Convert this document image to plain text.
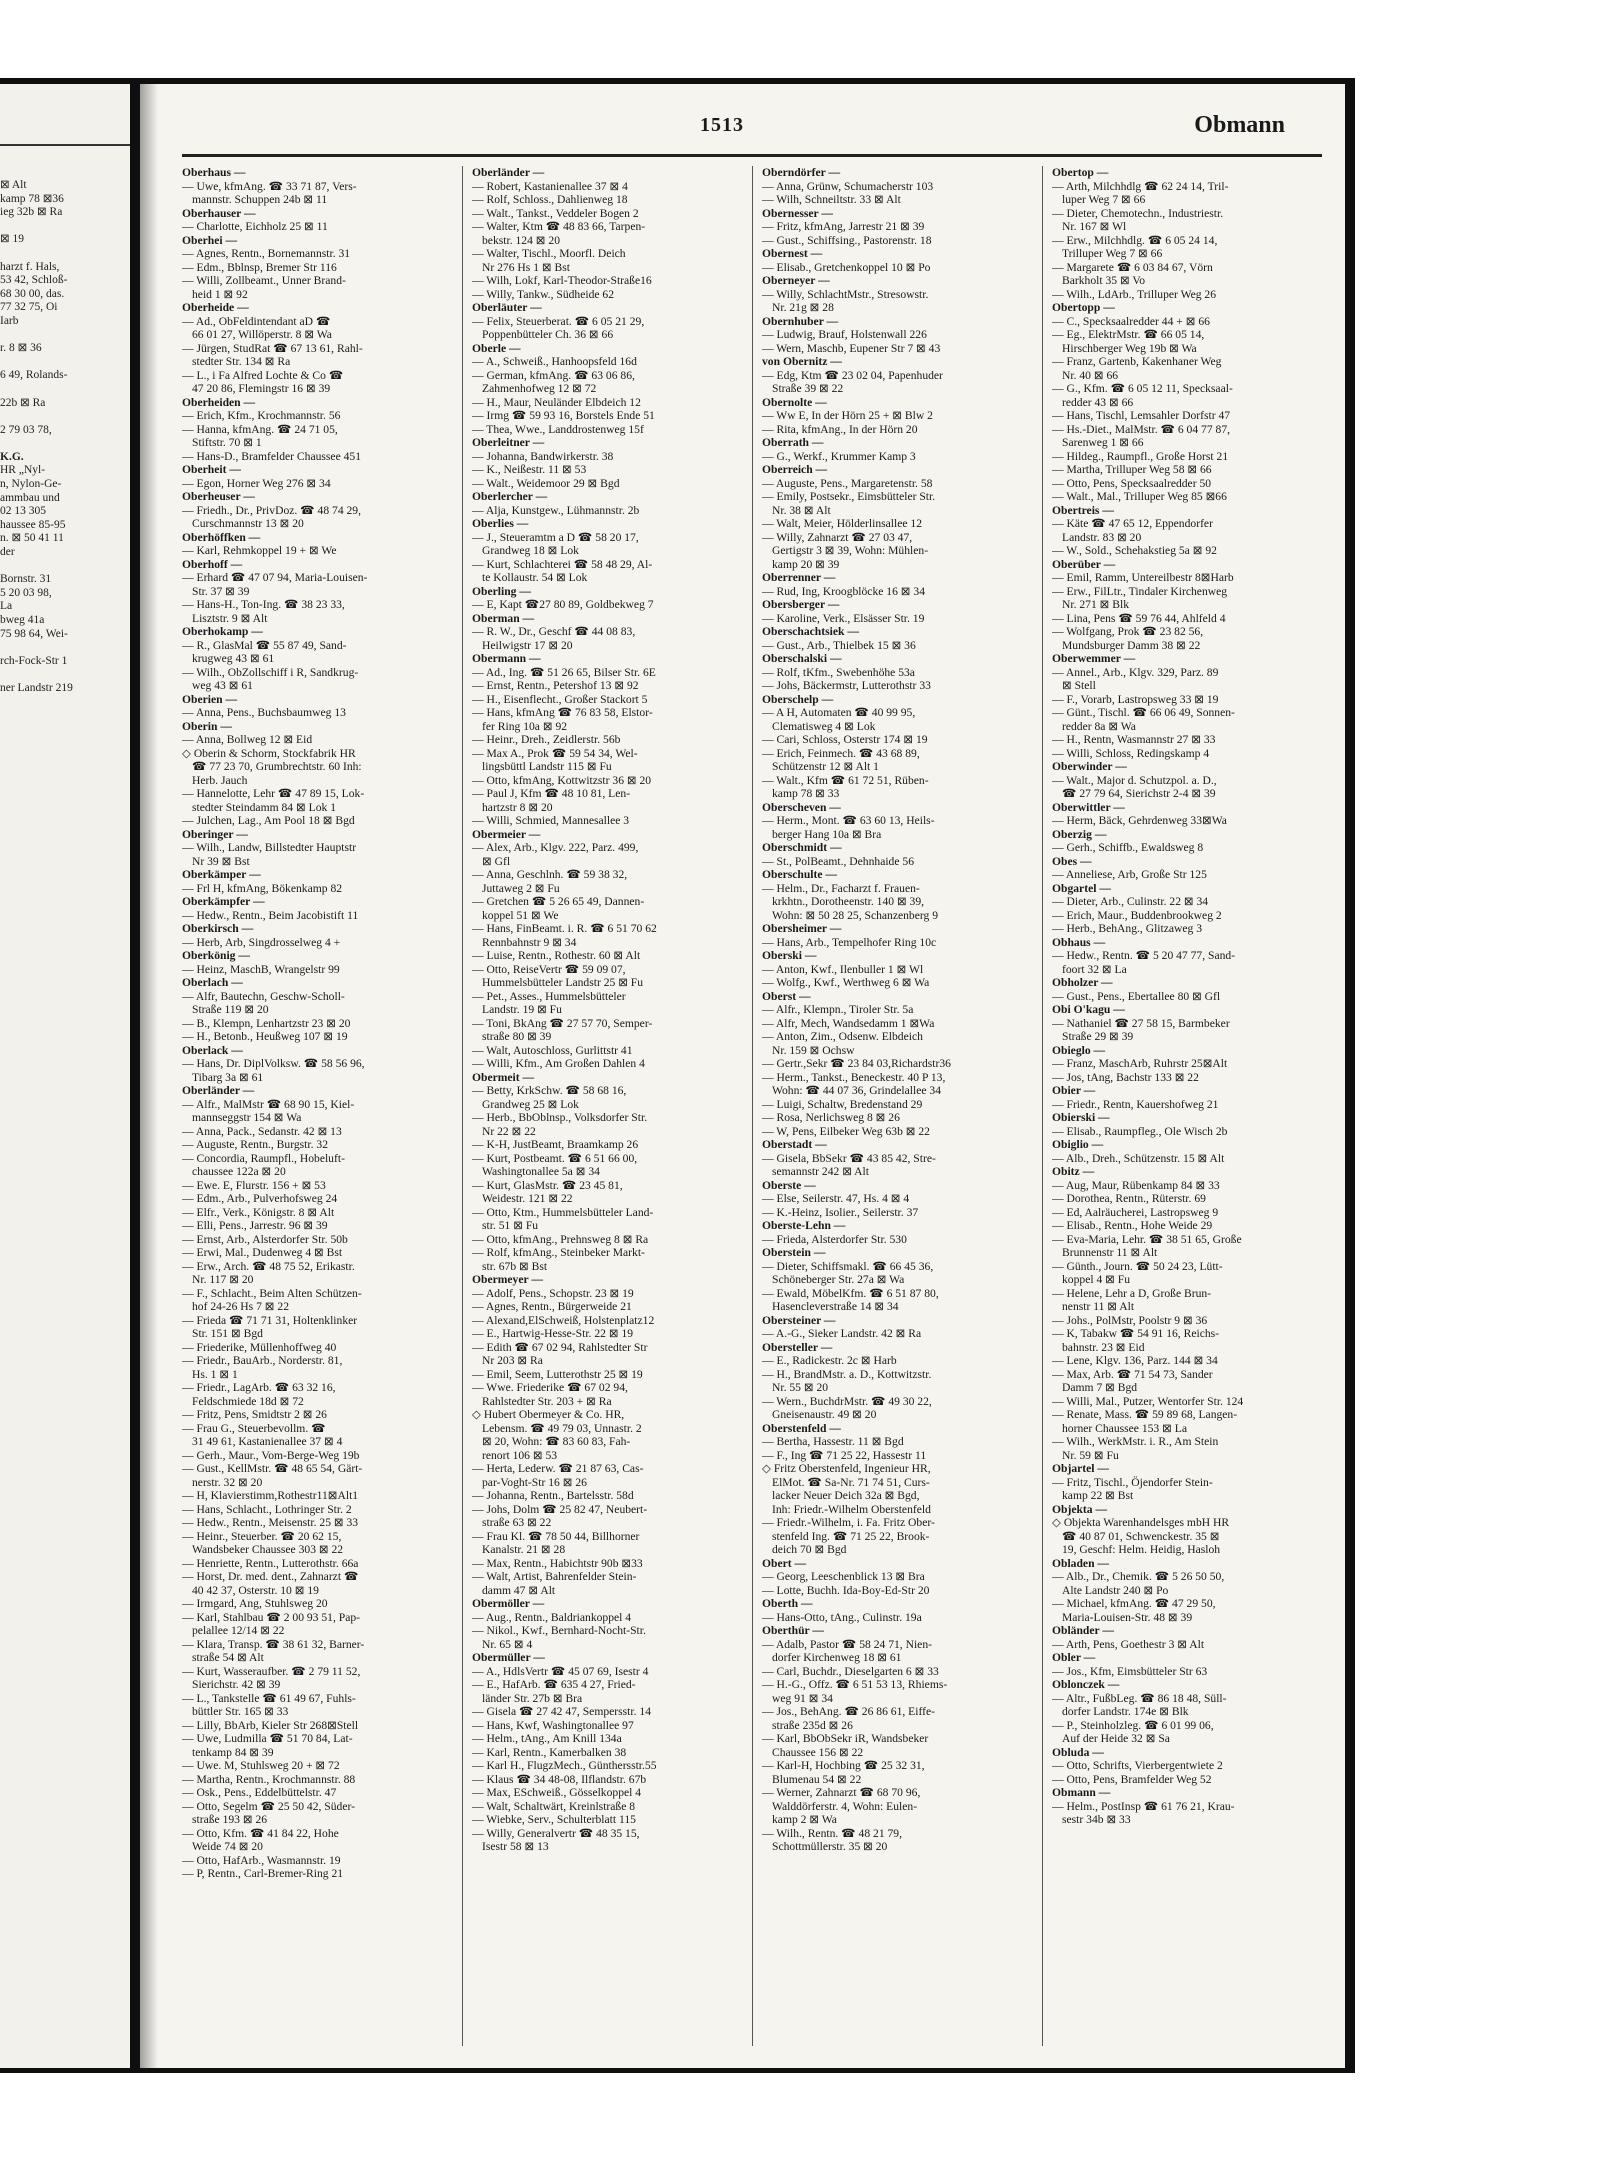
⊠ Alt
kamp 78 ⊠36
ieg 32b ⊠ Ra

⊠ 19

harzt f. Hals,
53 42, Schloß-
68 30 00, das.
77 32 75, Oi
Iarb

r. 8 ⊠ 36

6 49, Rolands-

22b ⊠ Ra

2 79 03 78,

K.G.
HR „Nyl-
n, Nylon-Ge-
ammbau und
02 13 305
haussee 85-95
n. ⊠ 50 41 11
der

Bornstr. 31
5 20 03 98,
La
bweg 41a
75 98 64, Wei-

rch-Fock-Str 1

ner Landstr 219
1513	Obmann

Oberhaus —

— Uwe, kfmAng. ☎ 33 71 87, Vers-

mannstr. Schuppen 24b ⊠ 11

Oberhauser —

— Charlotte, Eichholz 25 ⊠ 11

Oberhei —

— Agnes, Rentn., Bornemannstr. 31

— Edm., Bblnsp, Bremer Str 116

— Willi, Zollbeamt., Unner Brand-

heid 1 ⊠ 92

Oberheide —

— Ad., ObFeldintendant aD ☎

66 01 27, Willöperstr. 8 ⊠ Wa

— Jürgen, StudRat ☎ 67 13 61, Rahl-

stedter Str. 134 ⊠ Ra

— L., i Fa Alfred Lochte & Co ☎

47 20 86, Flemingstr 16 ⊠ 39

Oberheiden —

— Erich, Kfm., Krochmannstr. 56

— Hanna, kfmAng. ☎ 24 71 05,

Stiftstr. 70 ⊠ 1

— Hans-D., Bramfelder Chaussee 451

Oberheit —

— Egon, Horner Weg 276 ⊠ 34

Oberheuser —

— Friedh., Dr., PrivDoz. ☎ 48 74 29,

Curschmannstr 13 ⊠ 20

Oberhöffken —

— Karl, Rehmkoppel 19 + ⊠ We

Oberhoff —

— Erhard ☎ 47 07 94, Maria-Louisen-

Str. 37 ⊠ 39

— Hans-H., Ton-Ing. ☎ 38 23 33,

Lisztstr. 9 ⊠ Alt

Oberhokamp —

— R., GlasMal ☎ 55 87 49, Sand-

krugweg 43 ⊠ 61

— Wilh., ObZollschiff i R, Sandkrug-

weg 43 ⊠ 61

Oberien —

— Anna, Pens., Buchsbaumweg 13

Oberin —

— Anna, Bollweg 12 ⊠ Eid

◇ Oberin & Schorm, Stockfabrik HR

☎ 77 23 70, Grumbrechtstr. 60 Inh:

Herb. Jauch

— Hannelotte, Lehr ☎ 47 89 15, Lok-

stedter Steindamm 84 ⊠ Lok 1

— Julchen, Lag., Am Pool 18 ⊠ Bgd

Oberinger —

— Wilh., Landw, Billstedter Hauptstr

Nr 39 ⊠ Bst

Oberkämper —

— Frl H, kfmAng, Bökenkamp 82

Oberkämpfer —

— Hedw., Rentn., Beim Jacobistift 11

Oberkirsch —

— Herb, Arb, Singdrosselweg 4 +

Oberkönig —

— Heinz, MaschB, Wrangelstr 99

Oberlach —

— Alfr, Bautechn, Geschw-Scholl-

Straße 119 ⊠ 20

— B., Klempn, Lenhartzstr 23 ⊠ 20

— H., Betonb., Heußweg 107 ⊠ 19

Oberlack —

— Hans, Dr. DiplVolksw. ☎ 58 56 96,

Tibarg 3a ⊠ 61

Oberländer —

— Alfr., MalMstr ☎ 68 90 15, Kiel-

mannseggstr 154 ⊠ Wa

— Anna, Pack., Sedanstr. 42 ⊠ 13

— Auguste, Rentn., Burgstr. 32

— Concordia, Raumpfl., Hobeluft-

chaussee 122a ⊠ 20

— Ewe. E, Flurstr. 156 + ⊠ 53

— Edm., Arb., Pulverhofsweg 24

— Elfr., Verk., Königstr. 8 ⊠ Alt

— Elli, Pens., Jarrestr. 96 ⊠ 39

— Ernst, Arb., Alsterdorfer Str. 50b

— Erwi, Mal., Dudenweg 4 ⊠ Bst

— Erw., Arch. ☎ 48 75 52, Erikastr.

Nr. 117 ⊠ 20

— F., Schlacht., Beim Alten Schützen-

hof 24-26 Hs 7 ⊠ 22

— Frieda ☎ 71 71 31, Holtenklinker

Str. 151 ⊠ Bgd

— Friederike, Müllenhoffweg 40

— Friedr., BauArb., Norderstr. 81,

Hs. 1 ⊠ 1

— Friedr., LagArb. ☎ 63 32 16,

Feldschmiede 18d ⊠ 72

— Fritz, Pens, Smidtstr 2 ⊠ 26

— Frau G., Steuerbevollm. ☎

31 49 61, Kastanienallee 37 ⊠ 4

— Gerh., Maur., Vom-Berge-Weg 19b

— Gust., KellMstr. ☎ 48 65 54, Gärt-

nerstr. 32 ⊠ 20

— H, Klavierstimm,Rothestr11⊠Alt1

— Hans, Schlacht., Lothringer Str. 2

— Hedw., Rentn., Meisenstr. 25 ⊠ 33

— Heinr., Steuerber. ☎ 20 62 15,

Wandsbeker Chaussee 303 ⊠ 22

— Henriette, Rentn., Lutterothstr. 66a

— Horst, Dr. med. dent., Zahnarzt ☎

40 42 37, Osterstr. 10 ⊠ 19

— Irmgard, Ang, Stuhlsweg 20

— Karl, Stahlbau ☎ 2 00 93 51, Pap-

pelallee 12/14 ⊠ 22

— Klara, Transp. ☎ 38 61 32, Barner-

straße 54 ⊠ Alt

— Kurt, Wasseraufber. ☎ 2 79 11 52,

Sierichstr. 42 ⊠ 39

— L., Tankstelle ☎ 61 49 67, Fuhls-

büttler Str. 165 ⊠ 33

— Lilly, BbArb, Kieler Str 268⊠Stell

— Uwe, Ludmilla ☎ 51 70 84, Lat-

tenkamp 84 ⊠ 39

— Uwe. M, Stuhlsweg 20 + ⊠ 72

— Martha, Rentn., Krochmannstr. 88

— Osk., Pens., Eddelbüttelstr. 47

— Otto, Segelm ☎ 25 50 42, Süder-

straße 193 ⊠ 26

— Otto, Kfm. ☎ 41 84 22, Hohe

Weide 74 ⊠ 20

— Otto, HafArb., Wasmannstr. 19

— P, Rentn., Carl-Bremer-Ring 21

Oberländer —

— Robert, Kastanienallee 37 ⊠ 4

— Rolf, Schloss., Dahlienweg 18

— Walt., Tankst., Veddeler Bogen 2

— Walter, Ktm ☎ 48 83 66, Tarpen-

bekstr. 124 ⊠ 20

— Walter, Tischl., Moorfl. Deich

Nr 276 Hs 1 ⊠ Bst

— Wilh, Lokf, Karl-Theodor-Straße16

— Willy, Tankw., Südheide 62

Oberläuter —

— Felix, Steuerberat. ☎ 6 05 21 29,

Poppenbütteler Ch. 36 ⊠ 66

Oberle —

— A., Schweiß., Hanhoopsfeld 16d

— German, kfmAng. ☎ 63 06 86,

Zahmenhofweg 12 ⊠ 72

— H., Maur, Neuländer Elbdeich 12

— Irmg ☎ 59 93 16, Borstels Ende 51

— Thea, Wwe., Landdrostenweg 15f

Oberleitner —

— Johanna, Bandwirkerstr. 38

— K., Neißestr. 11 ⊠ 53

— Walt., Weidemoor 29 ⊠ Bgd

Oberlercher —

— Alja, Kunstgew., Lühmannstr. 2b

Oberlies —

— J., Steueramtm a D ☎ 58 20 17,

Grandweg 18 ⊠ Lok

— Kurt, Schlachterei ☎ 58 48 29, Al-

te Kollaustr. 54 ⊠ Lok

Oberling —

— E, Kapt ☎27 80 89, Goldbekweg 7

Oberman —

— R. W., Dr., Geschf ☎ 44 08 83,

Heilwigstr 17 ⊠ 20

Obermann —

— Ad., Ing. ☎ 51 26 65, Bilser Str. 6E

— Ernst, Rentn., Petershof 13 ⊠ 92

— H., Eisenflecht., Großer Stackort 5

— Hans, kfmAng ☎ 76 83 58, Elstor-

fer Ring 10a ⊠ 92

— Heinr., Dreh., Zeidlerstr. 56b

— Max A., Prok ☎ 59 54 34, Wel-

lingsbüttl Landstr 115 ⊠ Fu

— Otto, kfmAng, Kottwitzstr 36 ⊠ 20

— Paul J, Kfm ☎ 48 10 81, Len-

hartzstr 8 ⊠ 20

— Willi, Schmied, Mannesallee 3

Obermeier —

— Alex, Arb., Klgv. 222, Parz. 499,

⊠ Gfl

— Anna, Geschlnh. ☎ 59 38 32,

Juttaweg 2 ⊠ Fu

— Gretchen ☎ 5 26 65 49, Dannen-

koppel 51 ⊠ We

— Hans, FinBeamt. i. R. ☎ 6 51 70 62

Rennbahnstr 9 ⊠ 34

— Luise, Rentn., Rothestr. 60 ⊠ Alt

— Otto, ReiseVertr ☎ 59 09 07,

Hummelsbütteler Landstr 25 ⊠ Fu

— Pet., Asses., Hummelsbütteler

Landstr. 19 ⊠ Fu

— Toni, BkAng ☎ 27 57 70, Semper-

straße 80 ⊠ 39

— Walt, Autoschloss, Gurlittstr 41

— Willi, Kfm., Am Großen Dahlen 4

Obermeit —

— Betty, KrkSchw. ☎ 58 68 16,

Grandweg 25 ⊠ Lok

— Herb., BbOblnsp., Volksdorfer Str.

Nr 22 ⊠ 22

— K-H, JustBeamt, Braamkamp 26

— Kurt, Postbeamt. ☎ 6 51 66 00,

Washingtonallee 5a ⊠ 34

— Kurt, GlasMstr. ☎ 23 45 81,

Weidestr. 121 ⊠ 22

— Otto, Ktm., Hummelsbütteler Land-

str. 51 ⊠ Fu

— Otto, kfmAng., Prehnsweg 8 ⊠ Ra

— Rolf, kfmAng., Steinbeker Markt-

str. 67b ⊠ Bst

Obermeyer —

— Adolf, Pens., Schopstr. 23 ⊠ 19

— Agnes, Rentn., Bürgerweide 21

— Alexand,ElSchweiß, Holstenplatz12

— E., Hartwig-Hesse-Str. 22 ⊠ 19

— Edith ☎ 67 02 94, Rahlstedter Str

Nr 203 ⊠ Ra

— Emil, Seem, Lutterothstr 25 ⊠ 19

— Wwe. Friederike ☎ 67 02 94,

Rahlstedter Str. 203 + ⊠ Ra

◇ Hubert Obermeyer & Co. HR,

Lebensm. ☎ 49 79 03, Unnastr. 2

⊠ 20, Wohn: ☎ 83 60 83, Fah-

renort 106 ⊠ 53

— Herta, Lederw. ☎ 21 87 63, Cas-

par-Voght-Str 16 ⊠ 26

— Johanna, Rentn., Bartelsstr. 58d

— Johs, Dolm ☎ 25 82 47, Neubert-

straße 63 ⊠ 22

— Frau Kl. ☎ 78 50 44, Billhorner

Kanalstr. 21 ⊠ 28

— Max, Rentn., Habichtstr 90b ⊠33

— Walt, Artist, Bahrenfelder Stein-

damm 47 ⊠ Alt

Obermöller —

— Aug., Rentn., Baldriankoppel 4

— Nikol., Kwf., Bernhard-Nocht-Str.

Nr. 65 ⊠ 4

Obermüller —

— A., HdlsVertr ☎ 45 07 69, Isestr 4

— E., HafArb. ☎ 635 4 27, Fried-

länder Str. 27b ⊠ Bra

— Gisela ☎ 27 42 47, Sempersstr. 14

— Hans, Kwf, Washingtonallee 97

— Helm., tAng., Am Knill 134a

— Karl, Rentn., Kamerbalken 38

— Karl H., FlugzMech., Günthersstr.55

— Klaus ☎ 34 48-08, Ilflandstr. 67b

— Max, ESchweiß., Gösselkoppel 4

— Walt, Schaltwärt, Kreinlstraße 8

— Wiebke, Serv., Schulterblatt 115

— Willy, Generalvertr ☎ 48 35 15,

Isestr 58 ⊠ 13

Oberndörfer —

— Anna, Grünw, Schumacherstr 103

— Wilh, Schneiltstr. 33 ⊠ Alt

Obernesser —

— Fritz, kfmAng, Jarrestr 21 ⊠ 39

— Gust., Schiffsing., Pastorenstr. 18

Obernest —

— Elisab., Gretchenkoppel 10 ⊠ Po

Oberneyer —

— Willy, SchlachtMstr., Stresowstr.

Nr. 21g ⊠ 28

Obernhuber —

— Ludwig, Brauf, Holstenwall 226

— Wern, Maschb, Eupener Str 7 ⊠ 43

von Obernitz —

— Edg, Ktm ☎ 23 02 04, Papenhuder

Straße 39 ⊠ 22

Obernolte —

— Ww E, In der Hörn 25 + ⊠ Blw 2

— Rita, kfmAng., In der Hörn 20

Oberrath —

— G., Werkf., Krummer Kamp 3

Oberreich —

— Auguste, Pens., Margaretenstr. 58

— Emily, Postsekr., Eimsbütteler Str.

Nr. 38 ⊠ Alt

— Walt, Meier, Hölderlinsallee 12

— Willy, Zahnarzt ☎ 27 03 47,

Gertigstr 3 ⊠ 39, Wohn: Mühlen-

kamp 20 ⊠ 39

Oberrenner —

— Rud, Ing, Kroogblöcke 16 ⊠ 34

Obersberger —

— Karoline, Verk., Elsässer Str. 19

Oberschachtsiek —

— Gust., Arb., Thielbek 15 ⊠ 36

Oberschalski —

— Rolf, tKfm., Swebenhöhe 53a

— Johs, Bäckermstr, Lutterothstr 33

Oberschelp —

— A H, Automaten ☎ 40 99 95,

Clematisweg 4 ⊠ Lok

— Cari, Schloss, Osterstr 174 ⊠ 19

— Erich, Feinmech. ☎ 43 68 89,

Schützenstr 12 ⊠ Alt 1

— Walt., Kfm ☎ 61 72 51, Rüben-

kamp 78 ⊠ 33

Oberscheven —

— Herm., Mont. ☎ 63 60 13, Heils-

berger Hang 10a ⊠ Bra

Oberschmidt —

— St., PolBeamt., Dehnhaide 56

Oberschulte —

— Helm., Dr., Facharzt f. Frauen-

krkhtn., Dorotheenstr. 140 ⊠ 39,

Wohn: ⊠ 50 28 25, Schanzenberg 9

Obersheimer —

— Hans, Arb., Tempelhofer Ring 10c

Oberski —

— Anton, Kwf., Ilenbuller 1 ⊠ Wl

— Wolfg., Kwf., Werthweg 6 ⊠ Wa

Oberst —

— Alfr., Klempn., Tiroler Str. 5a

— Alfr, Mech, Wandsedamm 1 ⊠Wa

— Anton, Zim., Odsenw. Elbdeich

Nr. 159 ⊠ Ochsw

— Gertr.,Sekr ☎ 23 84 03,Richardstr36

— Herm., Tankst., Beneckestr. 40 P 13,

Wohn: ☎ 44 07 36, Grindelallee 34

— Luigi, Schaltw, Bredenstand 29

— Rosa, Nerlichsweg 8 ⊠ 26

— W, Pens, Eilbeker Weg 63b ⊠ 22

Oberstadt —

— Gisela, BbSekr ☎ 43 85 42, Stre-

semannstr 242 ⊠ Alt

Oberste —

— Else, Seilerstr. 47, Hs. 4 ⊠ 4

— K.-Heinz, Isolier., Seilerstr. 37

Oberste-Lehn —

— Frieda, Alsterdorfer Str. 530

Oberstein —

— Dieter, Schiffsmakl. ☎ 66 45 36,

Schöneberger Str. 27a ⊠ Wa

— Ewald, MöbelKfm. ☎ 6 51 87 80,

Hasencleverstraße 14 ⊠ 34

Obersteiner —

— A.-G., Sieker Landstr. 42 ⊠ Ra

Obersteller —

— E., Radickestr. 2c ⊠ Harb

— H., BrandMstr. a. D., Kottwitzstr.

Nr. 55 ⊠ 20

— Wern., BuchdrMstr. ☎ 49 30 22,

Gneisenaustr. 49 ⊠ 20

Oberstenfeld —

— Bertha, Hassestr. 11 ⊠ Bgd

— F., Ing ☎ 71 25 22, Hassestr 11

◇ Fritz Oberstenfeld, Ingenieur HR,

ElMot. ☎ Sa-Nr. 71 74 51, Curs-

lacker Neuer Deich 32a ⊠ Bgd,

Inh: Friedr.-Wilhelm Oberstenfeld

— Friedr.-Wilhelm, i. Fa. Fritz Ober-

stenfeld Ing. ☎ 71 25 22, Brook-

deich 70 ⊠ Bgd

Obert —

— Georg, Leeschenblick 13 ⊠ Bra

— Lotte, Buchh. Ida-Boy-Ed-Str 20

Oberth —

— Hans-Otto, tAng., Culinstr. 19a

Oberthür —

— Adalb, Pastor ☎ 58 24 71, Nien-

dorfer Kirchenweg 18 ⊠ 61

— Carl, Buchdr., Dieselgarten 6 ⊠ 33

— H.-G., Offz. ☎ 6 51 53 13, Rhiems-

weg 91 ⊠ 34

— Jos., BehAng. ☎ 26 86 61, Eiffe-

straße 235d ⊠ 26

— Karl, BbObSekr iR, Wandsbeker

Chaussee 156 ⊠ 22

— Karl-H, Hochbing ☎ 25 32 31,

Blumenau 54 ⊠ 22

— Werner, Zahnarzt ☎ 68 70 96,

Walddörferstr. 4, Wohn: Eulen-

kamp 2 ⊠ Wa

— Wilh., Rentn. ☎ 48 21 79,

Schottmüllerstr. 35 ⊠ 20

Obertop —

— Arth, Milchhdlg ☎ 62 24 14, Tril-

luper Weg 7 ⊠ 66

— Dieter, Chemotechn., Industriestr.

Nr. 167 ⊠ Wl

— Erw., Milchhdlg. ☎ 6 05 24 14,

Trilluper Weg 7 ⊠ 66

— Margarete ☎ 6 03 84 67, Vörn

Barkholt 35 ⊠ Vo

— Wilh., LdArb., Trilluper Weg 26

Obertopp —

— C., Specksaalredder 44 + ⊠ 66

— Eg., ElektrMstr. ☎ 66 05 14,

Hirschberger Weg 19b ⊠ Wa

— Franz, Gartenb, Kakenhaner Weg

Nr. 40 ⊠ 66

— G., Kfm. ☎ 6 05 12 11, Specksaal-

redder 43 ⊠ 66

— Hans, Tischl, Lemsahler Dorfstr 47

— Hs.-Diet., MalMstr. ☎ 6 04 77 87,

Sarenweg 1 ⊠ 66

— Hildeg., Raumpfl., Große Horst 21

— Martha, Trilluper Weg 58 ⊠ 66

— Otto, Pens, Specksaalredder 50

— Walt., Mal., Trilluper Weg 85 ⊠66

Obertreis —

— Käte ☎ 47 65 12, Eppendorfer

Landstr. 83 ⊠ 20

— W., Sold., Schehakstieg 5a ⊠ 92

Oberüber —

— Emil, Ramm, Untereilbestr 8⊠Harb

— Erw., FilLtr., Tindaler Kirchenweg

Nr. 271 ⊠ Blk

— Lina, Pens ☎ 59 76 44, Ahlfeld 4

— Wolfgang, Prok ☎ 23 82 56,

Mundsburger Damm 38 ⊠ 22

Oberwemmer —

— Annel., Arb., Klgv. 329, Parz. 89

⊠ Stell

— F., Vorarb, Lastropsweg 33 ⊠ 19

— Günt., Tischl. ☎ 66 06 49, Sonnen-

redder 8a ⊠ Wa

— H., Rentn, Wasmannstr 27 ⊠ 33

— Willi, Schloss, Redingskamp 4

Oberwinder —

— Walt., Major d. Schutzpol. a. D.,

☎ 27 79 64, Sierichstr 2-4 ⊠ 39

Oberwittler —

— Herm, Bäck, Gehrdenweg 33⊠Wa

Oberzig —

— Gerh., Schiffb., Ewaldsweg 8

Obes —

— Anneliese, Arb, Große Str 125

Obgartel —

— Dieter, Arb., Culinstr. 22 ⊠ 34

— Erich, Maur., Buddenbrookweg 2

— Herb., BehAng., Glitzaweg 3

Obhaus —

— Hedw., Rentn. ☎ 5 20 47 77, Sand-

foort 32 ⊠ La

Obholzer —

— Gust., Pens., Ebertallee 80 ⊠ Gfl

Obi O'kagu —

— Nathaniel ☎ 27 58 15, Barmbeker

Straße 29 ⊠ 39

Obieglo —

— Franz, MaschArb, Ruhrstr 25⊠Alt

— Jos, tAng, Bachstr 133 ⊠ 22

Obier —

— Friedr., Rentn, Kauershofweg 21

Obierski —

— Elisab., Raumpfleg., Ole Wisch 2b

Obiglio —

— Alb., Dreh., Schützenstr. 15 ⊠ Alt

Obitz —

— Aug, Maur, Rübenkamp 84 ⊠ 33

— Dorothea, Rentn., Rüterstr. 69

— Ed, Aalräucherei, Lastropsweg 9

— Elisab., Rentn., Hohe Weide 29

— Eva-Maria, Lehr. ☎ 38 51 65, Große

Brunnenstr 11 ⊠ Alt

— Günth., Journ. ☎ 50 24 23, Lütt-

koppel 4 ⊠ Fu

— Helene, Lehr a D, Große Brun-

nenstr 11 ⊠ Alt

— Johs., PolMstr, Poolstr 9 ⊠ 36

— K, Tabakw ☎ 54 91 16, Reichs-

bahnstr. 23 ⊠ Eid

— Lene, Klgv. 136, Parz. 144 ⊠ 34

— Max, Arb. ☎ 71 54 73, Sander

Damm 7 ⊠ Bgd

— Willi, Mal., Putzer, Wentorfer Str. 124

— Renate, Mass. ☎ 59 89 68, Langen-

horner Chaussee 153 ⊠ La

— Wilh., WerkMstr. i. R., Am Stein

Nr. 59 ⊠ Fu

Objartel —

— Fritz, Tischl., Öjendorfer Stein-

kamp 22 ⊠ Bst

Objekta —

◇ Objekta Warenhandelsges mbH HR

☎ 40 87 01, Schwenckestr. 35 ⊠

19, Geschf: Helm. Heidig, Hasloh

Obladen —

— Alb., Dr., Chemik. ☎ 5 26 50 50,

Alte Landstr 240 ⊠ Po

— Michael, kfmAng. ☎ 47 29 50,

Maria-Louisen-Str. 48 ⊠ 39

Obländer —

— Arth, Pens, Goethestr 3 ⊠ Alt

Obler —

— Jos., Kfm, Eimsbütteler Str 63

Oblonczek —

— Altr., FußbLeg. ☎ 86 18 48, Süll-

dorfer Landstr. 174e ⊠ Blk

— P., Steinholzleg. ☎ 6 01 99 06,

Auf der Heide 32 ⊠ Sa

Obluda —

— Otto, Schrifts, Vierbergentwiete 2

— Otto, Pens, Bramfelder Weg 52

Obmann —

— Helm., PostInsp ☎ 61 76 21, Krau-

sestr 34b ⊠ 33
